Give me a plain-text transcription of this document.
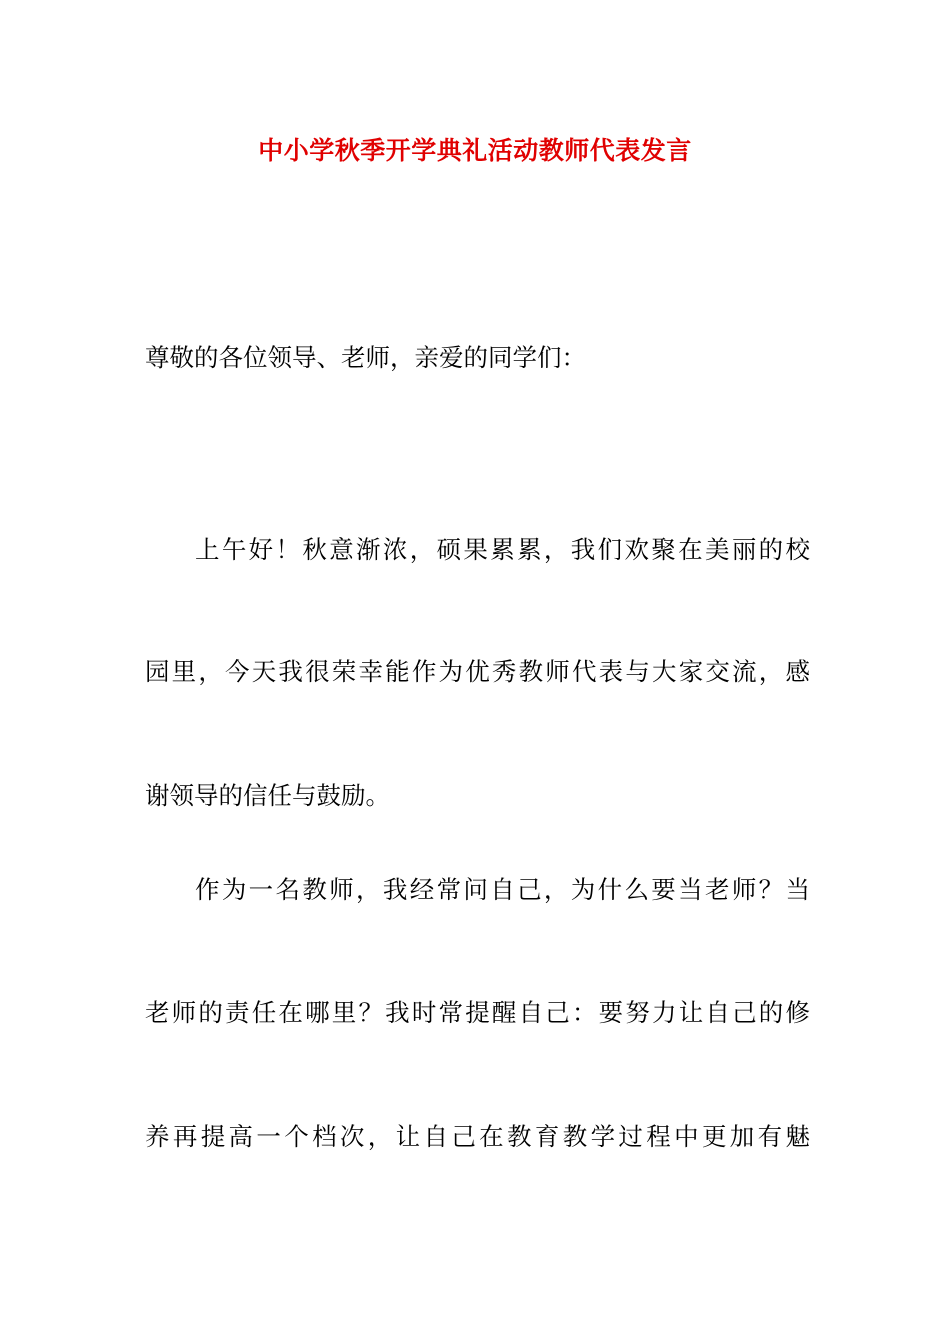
中小学秋季开学典礼活动教师代表发言

尊敬的各位领导、老师，亲爱的同学们：

上午好！秋意渐浓，硕果累累，我们欢聚在美丽的校

园里，今天我很荣幸能作为优秀教师代表与大家交流，感

谢领导的信任与鼓励。

作为一名教师，我经常问自己，为什么要当老师？当

老师的责任在哪里？我时常提醒自己：要努力让自己的修

养再提高一个档次，让自己在教育教学过程中更加有魅
